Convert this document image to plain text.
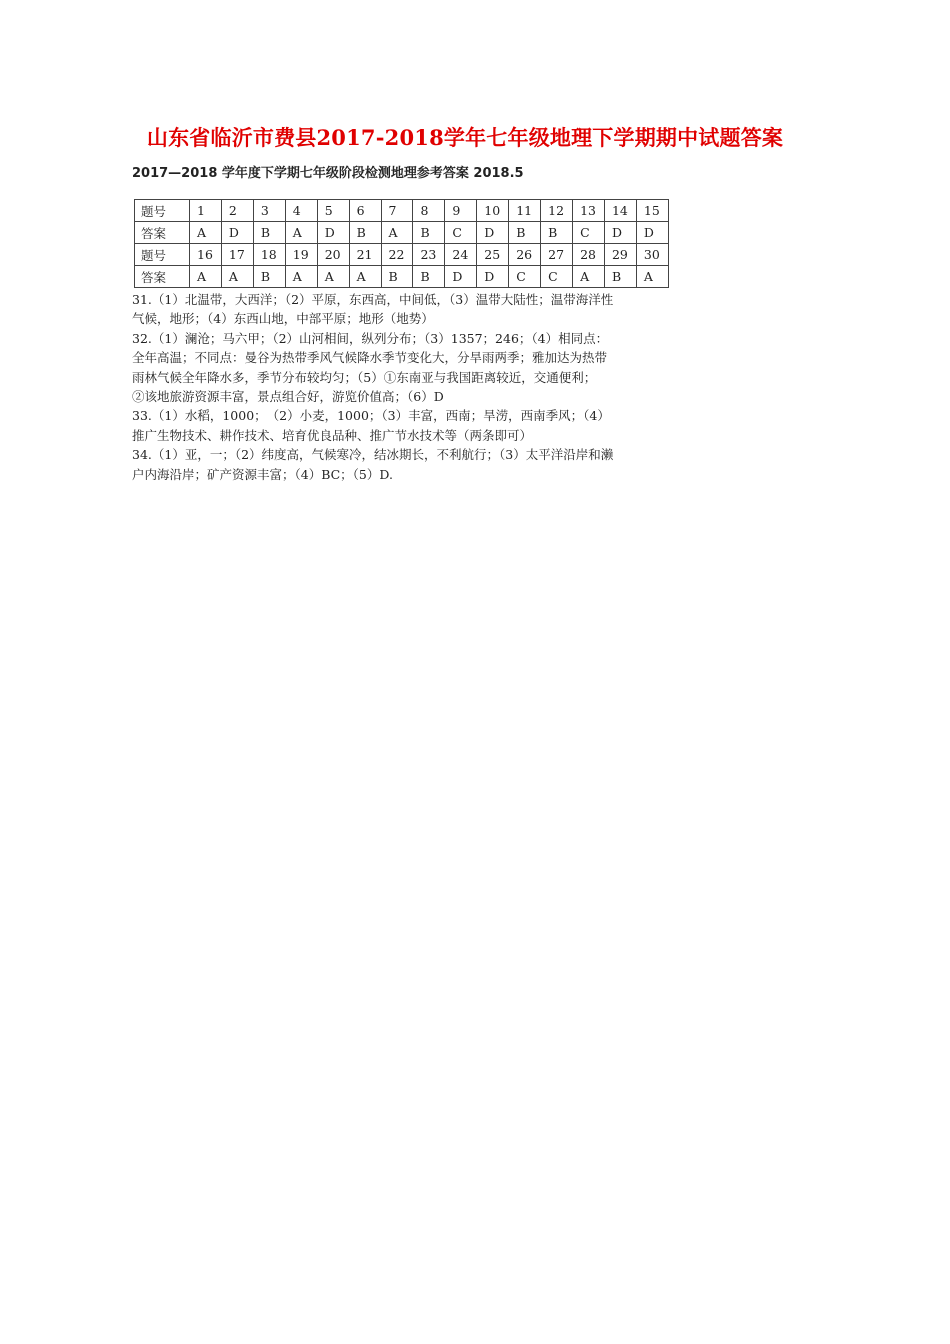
山东省临沂市费县2017-2018学年七年级地理下学期期中试题答案
2017—2018 学年度下学期七年级阶段检测地理参考答案 2018.5
题号	1	2	3	4	5	6	7	8	9	10	11	12	13	14	15
答案	A	D	B	A	D	B	A	B	C	D	B	B	C	D	D
题号	16	17	18	19	20	21	22	23	24	25	26	27	28	29	30
答案	A	A	B	A	A	A	B	B	D	D	C	C	A	B	A
31.（1）北温带，大西洋；（2）平原，东西高，中间低，（3）温带大陆性；温带海洋性
气候，地形；（4）东西山地，中部平原；地形（地势）
32.（1）澜沧；马六甲；（2）山河相间，纵列分布；（3）1357；246；（4）相同点：
全年高温；不同点：曼谷为热带季风气候降水季节变化大，分旱雨两季；雅加达为热带
雨林气候全年降水多，季节分布较均匀；（5）①东南亚与我国距离较近，交通便利；
②该地旅游资源丰富，景点组合好，游览价值高；（6）D
33.（1）水稻，1000；　（2）小麦，1000；（3）丰富，西南；旱涝，西南季风；（4）
推广生物技术、耕作技术、培育优良品种、推广节水技术等（两条即可）
34.（1）亚，一；（2）纬度高，气候寒冷，结冰期长，不利航行；（3）太平洋沿岸和濑
户内海沿岸；矿产资源丰富；（4）BC；（5）D.
